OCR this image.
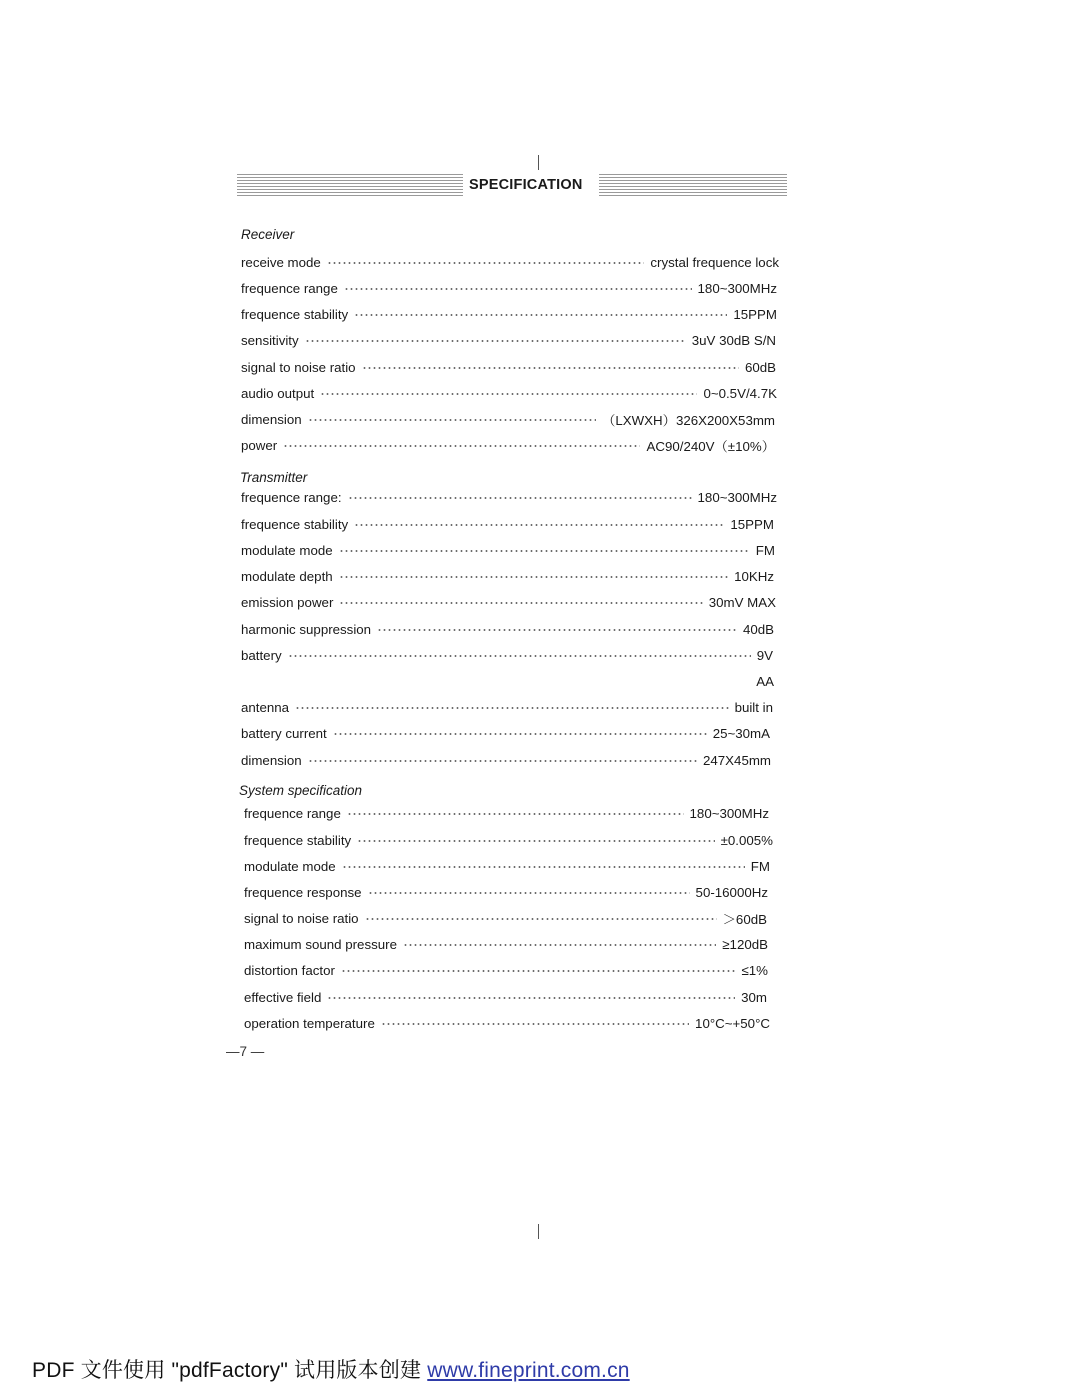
SPECIFICATION
Receiver
receive mode	crystal frequence lock
frequence range	180~300MHz
frequence stability	15PPM
sensitivity	3uV 30dB S/N
signal to noise ratio	60dB
audio output	0~0.5V/4.7K
dimension	（LXWXH）326X200X53mm
power	AC90/240V（±10%）
Transmitter
frequence range:	180~300MHz
frequence stability	15PPM
modulate mode	FM
modulate depth	10KHz
emission power	30mV MAX
harmonic suppression	40dB
battery	9V
AA
antenna	built in
battery current	25~30mA
dimension	247X45mm
System specification
frequence range	180~300MHz
frequence stability	±0.005%
modulate mode	FM
frequence response	50-16000Hz
signal to noise ratio	＞60dB
maximum sound pressure	≥120dB
distortion factor	≤1%
effective field	30m
operation temperature	10°C~+50°C
—7 —
PDF 文件使用 "pdfFactory" 试用版本创建 www.fineprint.com.cn
